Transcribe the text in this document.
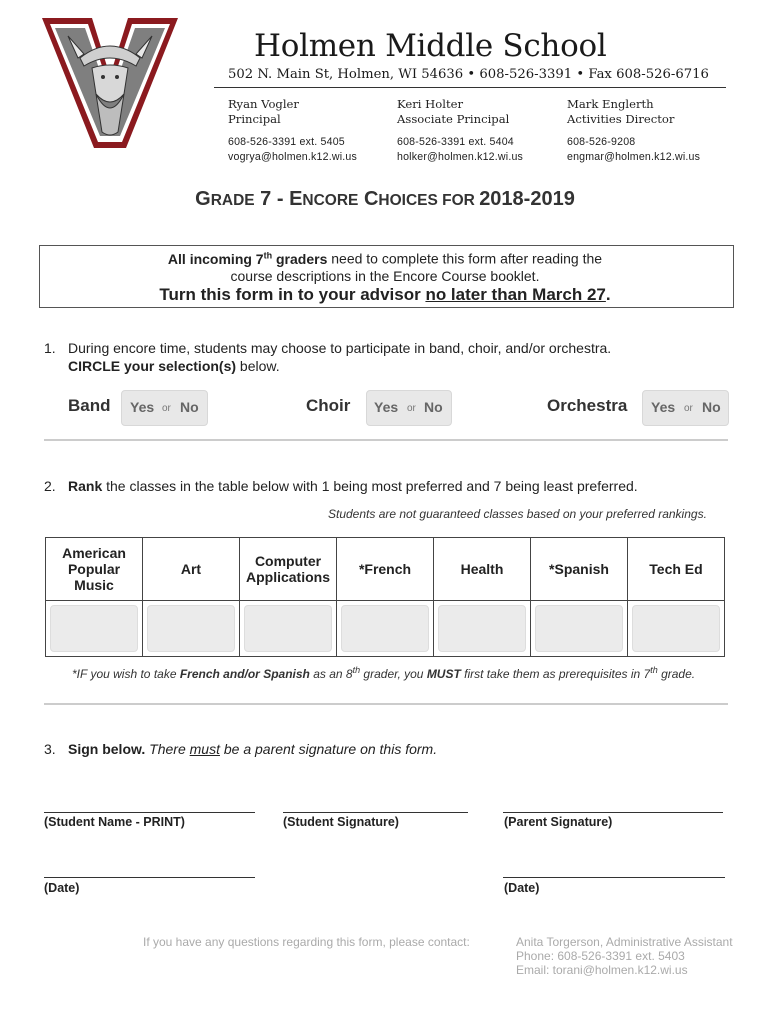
Holmen Middle School
502 N. Main St, Holmen, WI 54636 • 608-526-3391 • Fax 608-526-6716
Ryan Vogler
Principal
608-526-3391 ext. 5405
vogrya@holmen.k12.wi.us
Keri Holter
Associate Principal
608-526-3391 ext. 5404
holker@holmen.k12.wi.us
Mark Englerth
Activities Director
608-526-9208
engmar@holmen.k12.wi.us
GRADE 7 - ENCORE CHOICES FOR 2018-2019
All incoming 7th graders need to complete this form after reading the
course descriptions in the Encore Course booklet.
Turn this form in to your advisor no later than March 27.
1. During encore time, students may choose to participate in band, choir, and/or orchestra.
CIRCLE your selection(s) below.
Band Yes or No	Choir Yes or No	Orchestra Yes or No
2. Rank the classes in the table below with 1 being most preferred and 7 being least preferred.
Students are not guaranteed classes based on your preferred rankings.
American Popular Music	Art	Computer Applications	*French	Health	*Spanish	Tech Ed

*IF you wish to take French and/or Spanish as an 8th grader, you MUST first take them as prerequisites in 7th grade.
3. Sign below. There must be a parent signature on this form.
(Student Name - PRINT)	(Student Signature)	(Parent Signature)
(Date)	(Date)
If you have any questions regarding this form, please contact:	Anita Torgerson, Administrative Assistant
Phone: 608-526-3391 ext. 5403
Email: torani@holmen.k12.wi.us
